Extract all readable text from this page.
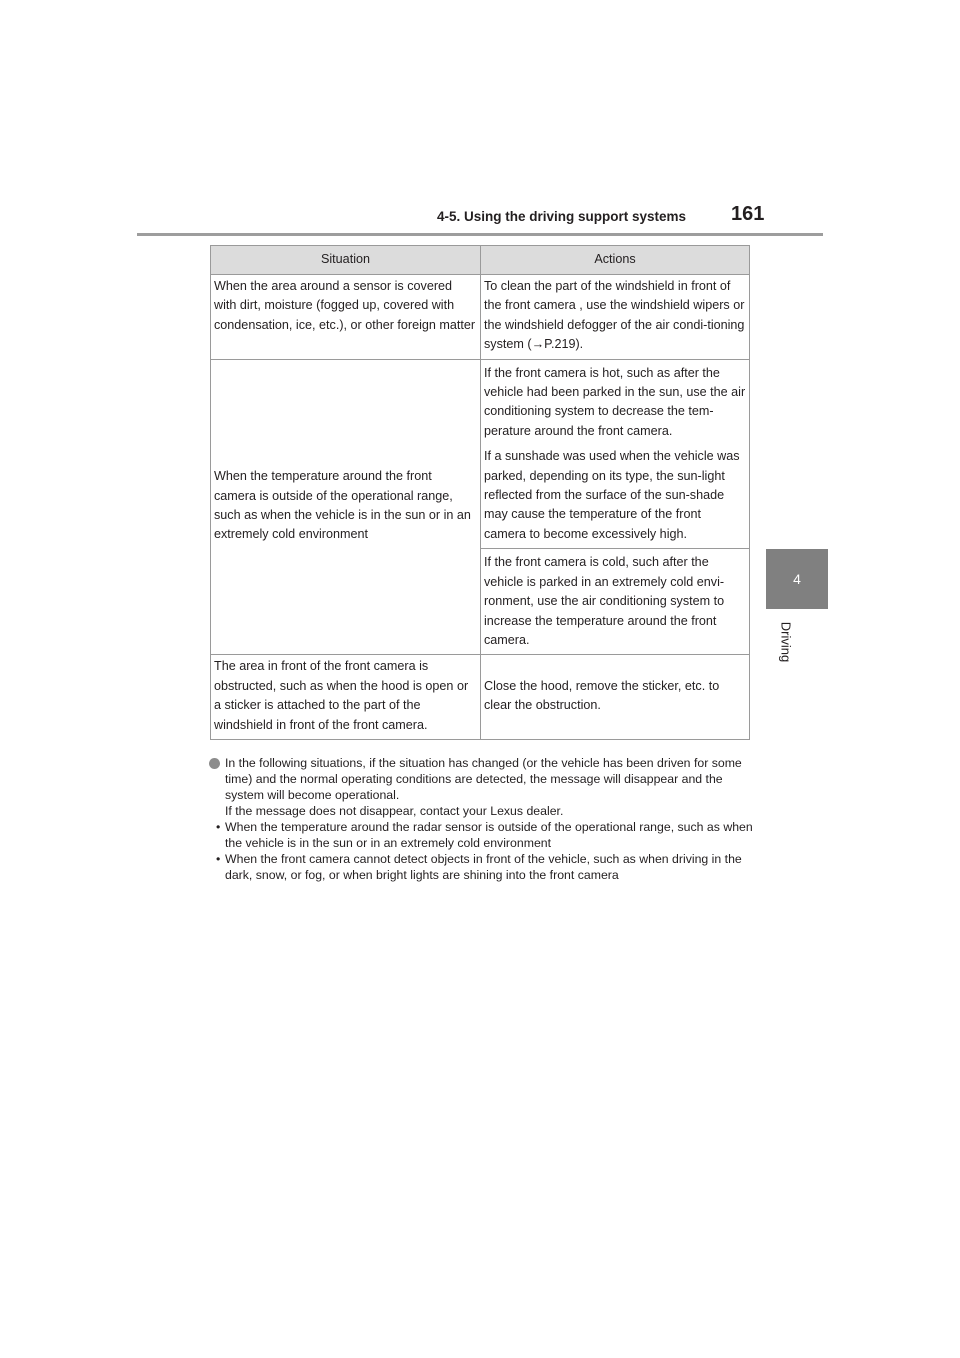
4-5. Using the driving support systems 161
4
Driving
Situation	Actions
When the area around a sensor is covered with dirt, moisture (fogged up, covered with condensation, ice, etc.), or other foreign matter	To clean the part of the windshield in front of the front camera , use the windshield wipers or the windshield defogger of the air condi-tioning system (→P.219).
When the temperature around the front camera is outside of the operational range, such as when the vehicle is in the sun or in an extremely cold environment	If the front camera is hot, such as after the vehicle had been parked in the sun, use the air conditioning system to decrease the tem-perature around the front camera.
If a sunshade was used when the vehicle was parked, depending on its type, the sun-light reflected from the surface of the sun-shade may cause the temperature of the front camera to become excessively high.

	If the front camera is cold, such after the vehicle is parked in an extremely cold envi-ronment, use the air conditioning system to increase the temperature around the front camera.
The area in front of the front camera is obstructed, such as when the hood is open or a sticker is attached to the part of the windshield in front of the front camera.	Close the hood, remove the sticker, etc. to clear the obstruction.
In the following situations, if the situation has changed (or the vehicle has been driven for some time) and the normal operating conditions are detected, the message will disappear and the system will become operational.
If the message does not disappear, contact your Lexus dealer.
• When the temperature around the radar sensor is outside of the operational range, such as when the vehicle is in the sun or in an extremely cold environment
• When the front camera cannot detect objects in front of the vehicle, such as when driving in the dark, snow, or fog, or when bright lights are shining into the front camera
